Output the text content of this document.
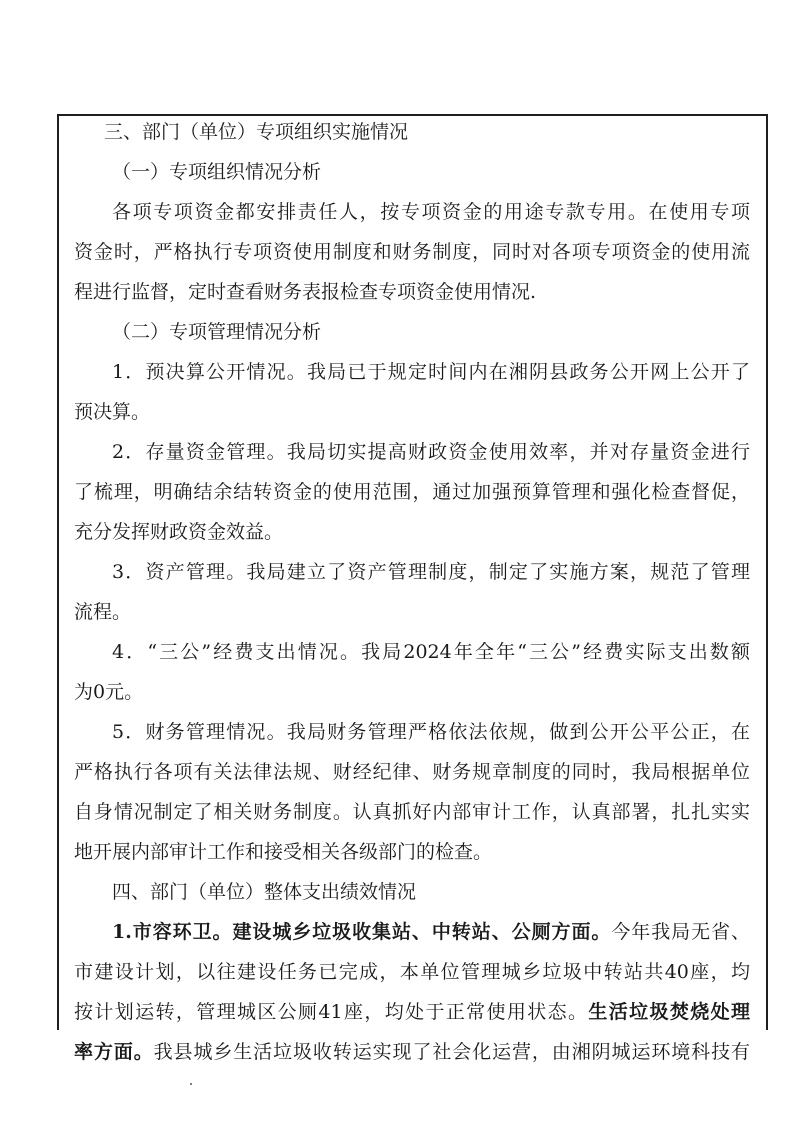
三、部门（单位）专项组织实施情况

（一）专项组织情况分析

各项专项资金都安排责任人，按专项资金的用途专款专用。在使用专项

资金时，严格执行专项资使用制度和财务制度，同时对各项专项资金的使用流

程进行监督，定时查看财务表报检查专项资金使用情况.

（二）专项管理情况分析

1．预决算公开情况。我局已于规定时间内在湘阴县政务公开网上公开了

预决算。

2．存量资金管理。我局切实提高财政资金使用效率，并对存量资金进行

了梳理，明确结余结转资金的使用范围，通过加强预算管理和强化检查督促，

充分发挥财政资金效益。

3．资产管理。我局建立了资产管理制度，制定了实施方案，规范了管理

流程。

4．“三公”经费支出情况。我局2024年全年“三公”经费实际支出数额

为0元。

5．财务管理情况。我局财务管理严格依法依规，做到公开公平公正，在

严格执行各项有关法律法规、财经纪律、财务规章制度的同时，我局根据单位

自身情况制定了相关财务制度。认真抓好内部审计工作，认真部署，扎扎实实

地开展内部审计工作和接受相关各级部门的检查。

四、部门（单位）整体支出绩效情况

1.市容环卫。建设城乡垃圾收集站、中转站、公厕方面。今年我局无省、

市建设计划，以往建设任务已完成，本单位管理城乡垃圾中转站共40座，均

按计划运转，管理城区公厕41座，均处于正常使用状态。生活垃圾焚烧处理

率方面。我县城乡生活垃圾收转运实现了社会化运营，由湘阴城运环境科技有
